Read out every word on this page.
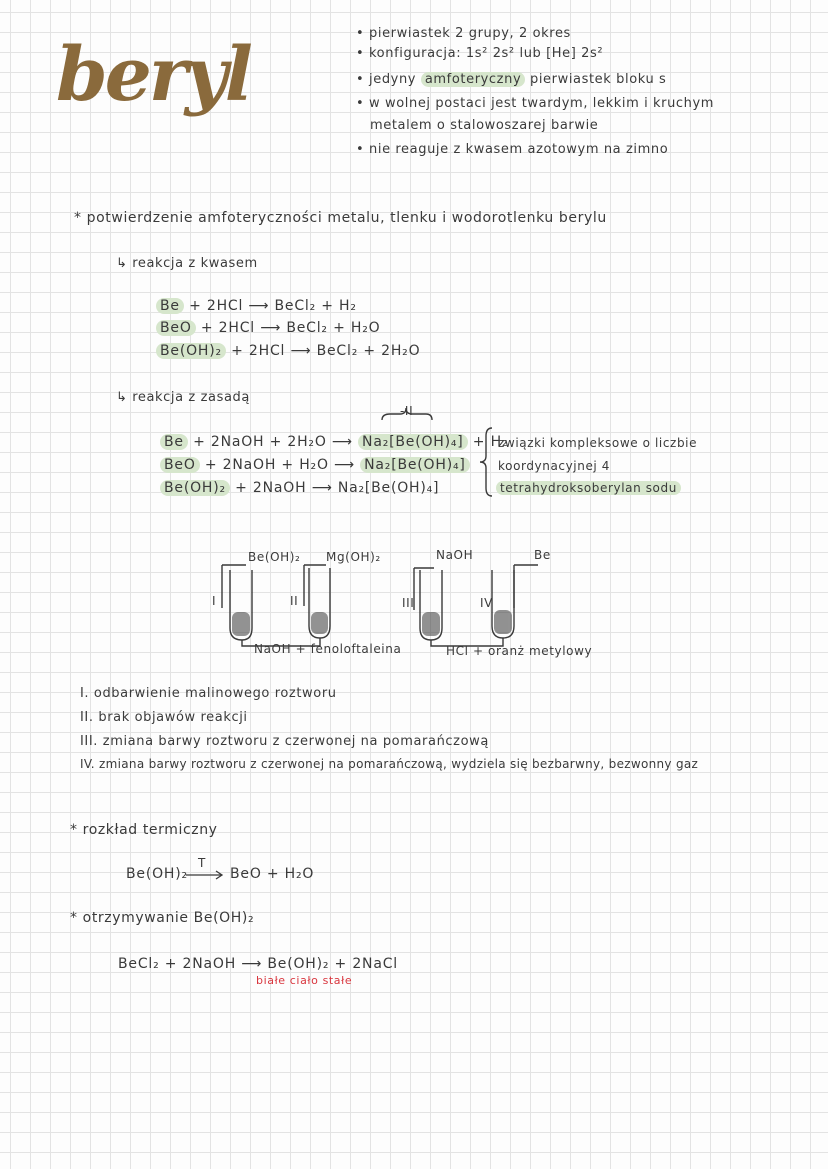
beryl	• pierwiastek 2 grupy, 2 okres
• konfiguracja: 1s² 2s² lub [He] 2s²
• jedyny amfoteryczny pierwiastek bloku s
• w wolnej postaci jest twardym, lekkim i kruchym
metalem o stalowoszarej barwie
• nie reaguje z kwasem azotowym na zimno
* potwierdzenie amfoteryczności metalu, tlenku i wodorotlenku berylu
↳ reakcja z kwasem
Be + 2HCl ⟶ BeCl₂ + H₂
BeO + 2HCl ⟶ BeCl₂ + H₂O
Be(OH)₂ + 2HCl ⟶ BeCl₂ + 2H₂O
↳ reakcja z zasadą
-II
Be + 2NaOH + 2H₂O ⟶ Na₂[Be(OH)₄] + H₂
BeO + 2NaOH + H₂O ⟶ Na₂[Be(OH)₄]
Be(OH)₂ + 2NaOH ⟶ Na₂[Be(OH)₄]
związki kompleksowe o liczbie
koordynacyjnej 4
tetrahydroksoberylan sodu
Be(OH)₂ Mg(OH)₂	NaOH	Be
I	II	III	IV
NaOH + fenoloftaleina	HCl + oranż metylowy
I. odbarwienie malinowego roztworu
II. brak objawów reakcji
III. zmiana barwy roztworu z czerwonej na pomarańczową
IV. zmiana barwy roztworu z czerwonej na pomarańczową, wydziela się bezbarwny, bezwonny gaz
* rozkład termiczny
Be(OH)₂
T
BeO + H₂O
* otrzymywanie Be(OH)₂
BeCl₂ + 2NaOH ⟶ Be(OH)₂ + 2NaCl
białe ciało stałe
